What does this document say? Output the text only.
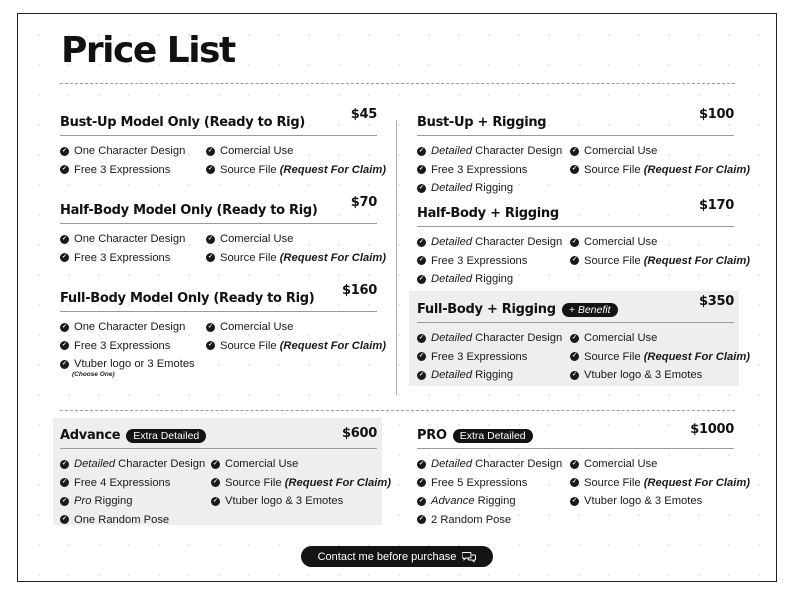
Price List
Bust-Up Model Only (Ready to Rig)
$45
✓ One Character Design
✓ Free 3 Expressions
✓ Comercial Use
✓ Source File
(Request For Claim)
Half-Body Model Only (Ready to Rig)
$70
✓ One Character Design
✓ Free 3 Expressions
✓ Comercial Use
✓ Source File
(Request For Claim)
Full-Body Model Only (Ready to Rig)
$160
✓ One Character Design
✓ Free 3 Expressions
✓ Vtuber logo or 3 Emotes
(Choose One)
✓ Comercial Use
✓ Source File
(Request For Claim)
Bust-Up + Rigging
$100
✓ Detailed
Character Design
✓ Free 3 Expressions
✓ Detailed
Rigging
✓ Comercial Use
✓ Source File
(Request For Claim)
Half-Body + Rigging
$170
✓ Detailed
Character Design
✓ Free 3 Expressions
✓ Detailed
Rigging
✓ Comercial Use
✓ Source File
(Request For Claim)
Full-Body + Rigging	+ Benefit
$350
✓ Detailed
Character Design
✓ Free 3 Expressions
✓ Detailed
Rigging
✓ Comercial Use
✓ Source File
(Request For Claim)
✓ Vtuber logo & 3 Emotes
Advance	Extra Detailed	$600
✓ Detailed
Character Design
✓ Free 4 Expressions
✓ Pro
Rigging
✓ One Random Pose
✓ Comercial Use
✓ Source File
(Request For Claim)
✓ Vtuber logo & 3 Emotes
PRO	Extra Detailed	$1000
✓ Detailed
Character Design
✓ Free 5 Expressions
✓ Advance
Rigging
✓ 2 Random Pose
✓ Comercial Use
✓ Source File
(Request For Claim)
✓ Vtuber logo & 3 Emotes
Contact me before purchase
